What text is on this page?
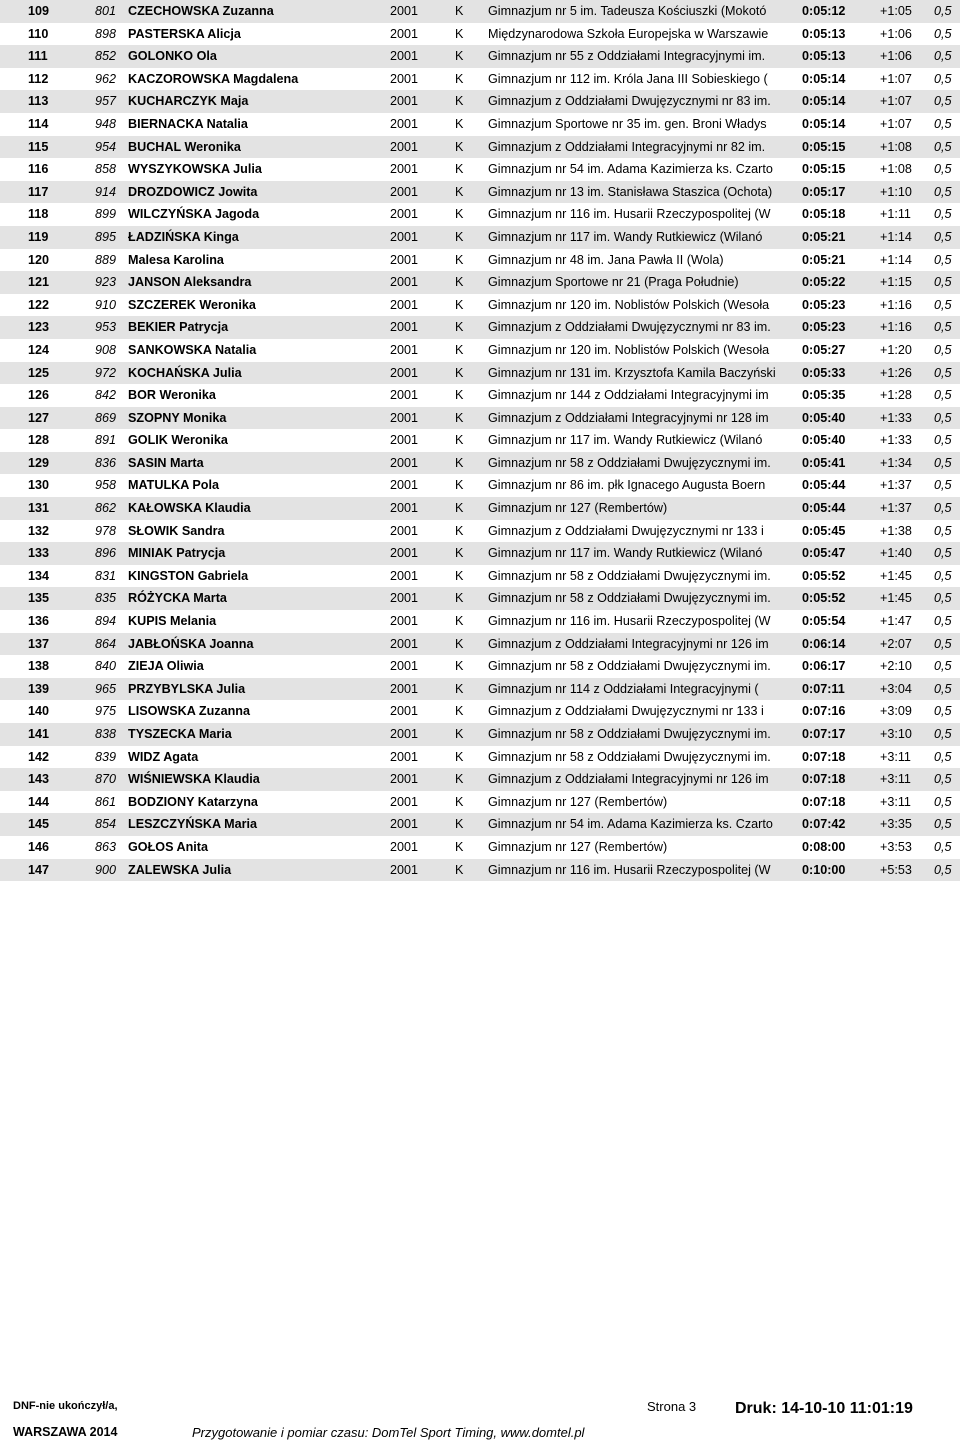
109	801 CZECHOWSKA Zuzanna	2001	K	Gimnazjum nr 5 im. Tadeusza Kościuszki (Mokotó	0:05:12	+1:05	0,5
110	898 PASTERSKA Alicja	2001	K	Międzynarodowa Szkoła Europejska w Warszawie	0:05:13	+1:06	0,5
111	852 GOLONKO Ola	2001	K	Gimnazjum nr 55 z Oddziałami Integracyjnymi im.	0:05:13	+1:06	0,5
112	962 KACZOROWSKA Magdalena	2001	K	Gimnazjum nr 112 im. Króla Jana III Sobieskiego (	0:05:14	+1:07	0,5
113	957 KUCHARCZYK Maja	2001	K	Gimnazjum z Oddziałami Dwujęzycznymi nr 83 im.	0:05:14	+1:07	0,5
114	948 BIERNACKA Natalia	2001	K	Gimnazjum Sportowe nr 35 im. gen. Broni Władys	0:05:14	+1:07	0,5
115	954 BUCHAL Weronika	2001	K	Gimnazjum z Oddziałami Integracyjnymi nr 82 im.	0:05:15	+1:08	0,5
116	858 WYSZYKOWSKA Julia	2001	K	Gimnazjum nr 54 im. Adama Kazimierza ks. Czarto	0:05:15	+1:08	0,5
117	914 DROZDOWICZ Jowita	2001	K	Gimnazjum nr 13 im. Stanisława Staszica (Ochota)	0:05:17	+1:10	0,5
118	899 WILCZYŃSKA Jagoda	2001	K	Gimnazjum nr 116 im. Husarii Rzeczypospolitej (W	0:05:18	+1:11	0,5
119	895 ŁADZIŃSKA Kinga	2001	K	Gimnazjum nr 117 im. Wandy Rutkiewicz (Wilanó	0:05:21	+1:14	0,5
120	889 Malesa Karolina	2001	K	Gimnazjum nr 48 im. Jana Pawła II (Wola)	0:05:21	+1:14	0,5
121	923 JANSON Aleksandra	2001	K	Gimnazjum Sportowe nr 21 (Praga Południe)	0:05:22	+1:15	0,5
122	910 SZCZEREK Weronika	2001	K	Gimnazjum nr 120 im. Noblistów Polskich (Wesoła	0:05:23	+1:16	0,5
123	953 BEKIER Patrycja	2001	K	Gimnazjum z Oddziałami Dwujęzycznymi nr 83 im.	0:05:23	+1:16	0,5
124	908 SANKOWSKA Natalia	2001	K	Gimnazjum nr 120 im. Noblistów Polskich (Wesoła	0:05:27	+1:20	0,5
125	972 KOCHAŃSKA Julia	2001	K	Gimnazjum nr 131 im. Krzysztofa Kamila Baczyński	0:05:33	+1:26	0,5
126	842 BOR Weronika	2001	K	Gimnazjum nr 144 z Oddziałami Integracyjnymi im	0:05:35	+1:28	0,5
127	869 SZOPNY Monika	2001	K	Gimnazjum z Oddziałami Integracyjnymi nr 128 im	0:05:40	+1:33	0,5
128	891 GOLIK Weronika	2001	K	Gimnazjum nr 117 im. Wandy Rutkiewicz (Wilanó	0:05:40	+1:33	0,5
129	836 SASIN Marta	2001	K	Gimnazjum nr 58 z Oddziałami Dwujęzycznymi im.	0:05:41	+1:34	0,5
130	958 MATULKA Pola	2001	K	Gimnazjum nr 86 im. płk Ignacego Augusta Boern	0:05:44	+1:37	0,5
131	862 KAŁOWSKA Klaudia	2001	K	Gimnazjum nr 127 (Rembertów)	0:05:44	+1:37	0,5
132	978 SŁOWIK Sandra	2001	K	Gimnazjum z Oddziałami Dwujęzycznymi nr 133 i	0:05:45	+1:38	0,5
133	896 MINIAK Patrycja	2001	K	Gimnazjum nr 117 im. Wandy Rutkiewicz (Wilanó	0:05:47	+1:40	0,5
134	831 KINGSTON Gabriela	2001	K	Gimnazjum nr 58 z Oddziałami Dwujęzycznymi im.	0:05:52	+1:45	0,5
135	835 RÓŻYCKA Marta	2001	K	Gimnazjum nr 58 z Oddziałami Dwujęzycznymi im.	0:05:52	+1:45	0,5
136	894 KUPIS Melania	2001	K	Gimnazjum nr 116 im. Husarii Rzeczypospolitej (W	0:05:54	+1:47	0,5
137	864 JABŁOŃSKA Joanna	2001	K	Gimnazjum z Oddziałami Integracyjnymi nr 126 im	0:06:14	+2:07	0,5
138	840 ZIEJA Oliwia	2001	K	Gimnazjum nr 58 z Oddziałami Dwujęzycznymi im.	0:06:17	+2:10	0,5
139	965 PRZYBYLSKA Julia	2001	K	Gimnazjum nr 114 z Oddziałami Integracyjnymi (	0:07:11	+3:04	0,5
140	975 LISOWSKA Zuzanna	2001	K	Gimnazjum z Oddziałami Dwujęzycznymi nr 133 i	0:07:16	+3:09	0,5
141	838 TYSZECKA Maria	2001	K	Gimnazjum nr 58 z Oddziałami Dwujęzycznymi im.	0:07:17	+3:10	0,5
142	839 WIDZ Agata	2001	K	Gimnazjum nr 58 z Oddziałami Dwujęzycznymi im.	0:07:18	+3:11	0,5
143	870 WIŚNIEWSKA Klaudia	2001	K	Gimnazjum z Oddziałami Integracyjnymi nr 126 im	0:07:18	+3:11	0,5
144	861 BODZIONY Katarzyna	2001	K	Gimnazjum nr 127 (Rembertów)	0:07:18	+3:11	0,5
145	854 LESZCZYŃSKA Maria	2001	K	Gimnazjum nr 54 im. Adama Kazimierza ks. Czarto	0:07:42	+3:35	0,5
146	863 GOŁOS Anita	2001	K	Gimnazjum nr 127 (Rembertów)	0:08:00	+3:53	0,5
147	900 ZALEWSKA Julia	2001	K	Gimnazjum nr 116 im. Husarii Rzeczypospolitej (W	0:10:00	+5:53	0,5
DNF-nie ukończył/a,	Strona 3 Druk: 14-10-10 11:01:19
WARSZAWA 2014	Przygotowanie i pomiar czasu: DomTel Sport Timing, www.domtel.pl
